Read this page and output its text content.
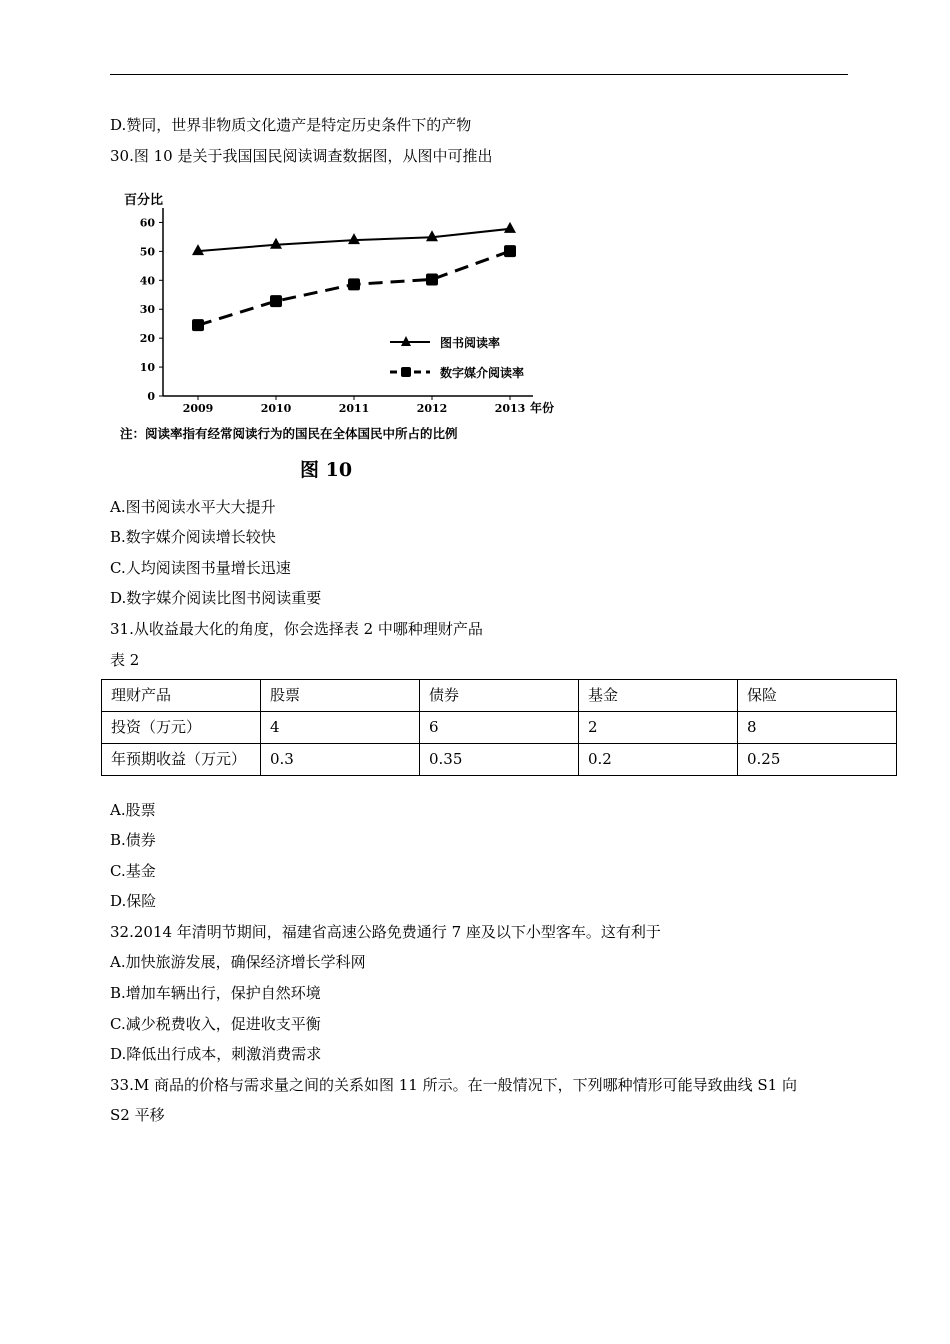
D.赞同，世界非物质文化遗产是特定历史条件下的产物
30.图 10 是关于我国国民阅读调查数据图，从图中可推出
百分比
0
10
20
30
40
50
60
2009	2010	2011	2012	2013 年份
图书阅读率
数字媒介阅读率
注：阅读率指有经常阅读行为的国民在全体国民中所占的比例
图 10
A.图书阅读水平大大提升
B.数字媒介阅读增长较快
C.人均阅读图书量增长迅速
D.数字媒介阅读比图书阅读重要
31.从收益最大化的角度，你会选择表 2 中哪种理财产品
表 2
理财产品	股票	债券	基金	保险
投资（万元）	4	6	2	8
年预期收益（万元）	0.3	0.35	0.2	0.25
A.股票
B.债券
C.基金
D.保险
32.2014 年清明节期间，福建省高速公路免费通行 7 座及以下小型客车。这有利于
A.加快旅游发展，确保经济增长学科网
B.增加车辆出行，保护自然环境
C.减少税费收入，促进收支平衡
D.降低出行成本，刺激消费需求
33.M 商品的价格与需求量之间的关系如图 11 所示。在一般情况下，下列哪种情形可能导致曲线 S1 向
S2 平移
